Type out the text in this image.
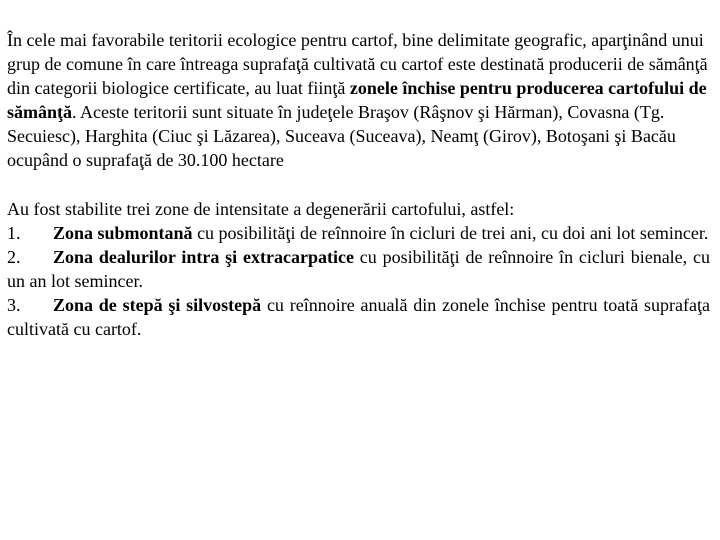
În cele mai favorabile teritorii ecologice pentru cartof, bine delimitate geografic, aparţinând unui grup de comune în care întreaga suprafaţă cultivată cu cartof este destinată producerii de sămânţă din categorii biologice certificate, au luat fiinţă zonele închise pentru producerea cartofului de sămânţă. Aceste teritorii sunt situate în judeţele Braşov (Râşnov şi Hărman), Covasna (Tg. Secuiesc), Harghita (Ciuc şi Lăzarea), Suceava (Suceava), Neamţ (Girov), Botoşani şi Bacău ocupând o suprafaţă de 30.100 hectare

Au fost stabilite trei zone de intensitate a degenerării cartofului, astfel:
1. Zona submontană cu posibilităţi de reînnoire în cicluri de trei ani, cu doi ani lot semincer.
2. Zona dealurilor intra şi extracarpatice cu posibilităţi de reînnoire în cicluri bienale, cu un an lot semincer.
3. Zona de stepă şi silvostepă cu reînnoire anuală din zonele închise pentru toată suprafaţa cultivată cu cartof.
